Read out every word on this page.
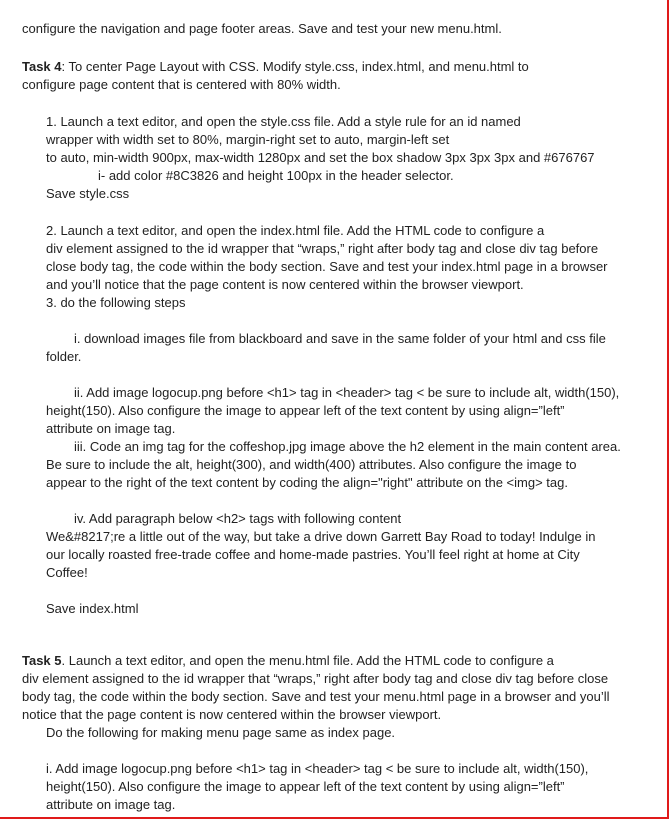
configure the navigation and page footer areas. Save and test your new menu.html.
Task 4: To center Page Layout with CSS. Modify style.css, index.html, and menu.html to
configure page content that is centered with 80% width.
1. Launch a text editor, and open the style.css file. Add a style rule for an id named
wrapper with width set to 80%, margin-right set to auto, margin-left set
to auto, min-width 900px, max-width 1280px and set the box shadow 3px 3px 3px and #676767
i- add color #8C3826 and height 100px in the header selector.
Save style.css
2. Launch a text editor, and open the index.html file. Add the HTML code to configure a
div element assigned to the id wrapper that “wraps,” right after body tag and close div tag before
close body tag, the code within the body section. Save and test your index.html page in a browser
and you’ll notice that the page content is now centered within the browser viewport.
3. do the following steps
i. download images file from blackboard and save in the same folder of your html and css file
folder.
ii. Add image logocup.png before <h1> tag in <header> tag < be sure to include alt, width(150),
height(150). Also configure the image to appear left of the text content by using align=”left”
attribute on image tag.
iii. Code an img tag for the coffeshop.jpg image above the h2 element in the main content area.
Be sure to include the alt, height(300), and width(400) attributes. Also configure the image to
appear to the right of the text content by coding the align="right" attribute on the <img> tag.
iv. Add paragraph below <h2> tags with following content
We&#8217;re a little out of the way, but take a drive down Garrett Bay Road to today! Indulge in
our locally roasted free-trade coffee and home-made pastries. You’ll feel right at home at City
Coffee!
Save index.html
Task 5. Launch a text editor, and open the menu.html file. Add the HTML code to configure a
div element assigned to the id wrapper that “wraps,” right after body tag and close div tag before close
body tag, the code within the body section. Save and test your menu.html page in a browser and you’ll
notice that the page content is now centered within the browser viewport.
Do the following for making menu page same as index page.
i. Add image logocup.png before <h1> tag in <header> tag < be sure to include alt, width(150),
height(150). Also configure the image to appear left of the text content by using align=”left”
attribute on image tag.
